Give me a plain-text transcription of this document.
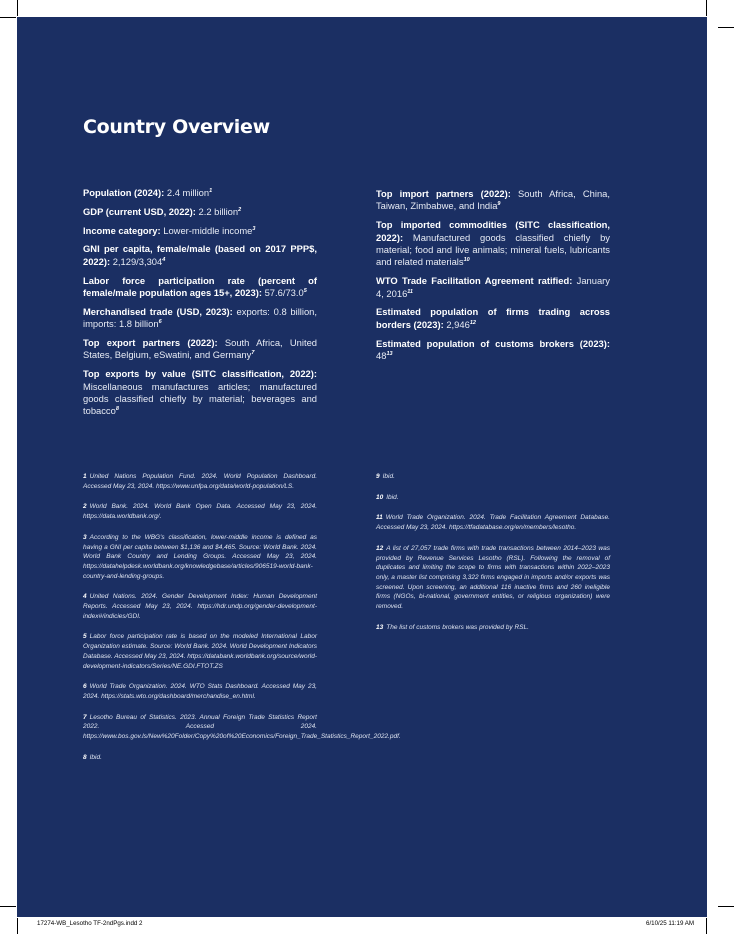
Country Overview

Population (2024): 2.4 million$^1$

GDP (current USD, 2022): 2.2 billion$^2$

Income category: Lower-middle income$^3$

GNI per capita, female/male (based on 2017 PPP$, 2022): 2,129/3,304$^4$

Labor force participation rate (percent of female/male population ages 15+, 2023): 57.6/73.0$^5$

Merchandised trade (USD, 2023): exports: 0.8 billion, imports: 1.8 billion$^6$

Top export partners (2022): South Africa, United States, Belgium, eSwatini, and Germany$^7$

Top exports by value (SITC classification, 2022): Miscellaneous manufactures articles; manufactured goods classified chiefly by material; beverages and tobacco$^8$

Top import partners (2022): South Africa, China, Taiwan, Zimbabwe, and India$^9$

Top imported commodities (SITC classification, 2022): Manufactured goods classified chiefly by material; food and live animals; mineral fuels, lubricants and related materials$^{10}$

WTO Trade Facilitation Agreement ratified: January 4, 2016$^{11}$

Estimated population of firms trading across borders (2023): 2,946$^{12}$

Estimated population of customs brokers (2023): $48^{13}$

1 United Nations Population Fund. 2024. World Population Dashboard. Accessed May 23, 2024. https://www.unfpa.org/data/world-population/LS.

2 World Bank. 2024. World Bank Open Data. Accessed May 23, 2024. https://data.worldbank.org/.

3 According to the WBG's classification, lower-middle income is defined as having a GNI per capita between $1,136 and $4,465. Source: World Bank. 2024. World Bank Country and Lending Groups. Accessed May 23, 2024. https://datahelpdesk.worldbank.org/knowledgebase/articles/906519-world-bank-country-and-lending-groups.

4 United Nations. 2024. Gender Development Index: Human Development Reports. Accessed May 23, 2024. https://hdr.undp.org/gender-development-index#/indicies/GDI.

5 Labor force participation rate is based on the modeled International Labor Organization estimate. Source: World Bank. 2024. World Development Indicators Database. Accessed May 23, 2024. https://databank.worldbank.org/source/world-development-indicators/Series/NE.GDI.FTOT.ZS

6 World Trade Organization. 2024. WTO Stats Dashboard. Accessed May 23, 2024. https://stats.wto.org/dashboard/merchandise_en.html.

7 Lesotho Bureau of Statistics. 2023. Annual Foreign Trade Statistics Report 2022. Accessed 2024. https://www.bos.gov.ls/New%20Folder/Copy%20of%20Economics/Foreign_Trade_Statistics_Report_2022.pdf.

8 Ibid.

9 Ibid.

10 Ibid.

11 World Trade Organization. 2024. Trade Facilitation Agreement Database. Accessed May 23, 2024. https://tfadatabase.org/en/members/lesotho.

12 A list of 27,057 trade firms with trade transactions between 2014–2023 was provided by Revenue Services Lesotho (RSL). Following the removal of duplicates and limiting the scope to firms with transactions within 2022–2023 only, a master list comprising 3,322 firms engaged in imports and/or exports was screened. Upon screening, an additional 116 inactive firms and 260 ineligible firms (NGOs, bi-national, government entities, or religious organization) were removed.

13 The list of customs brokers was provided by RSL.

17274-WB_Lesotho TF-2ndPgs.indd 2	6/10/25 11:19 AM
